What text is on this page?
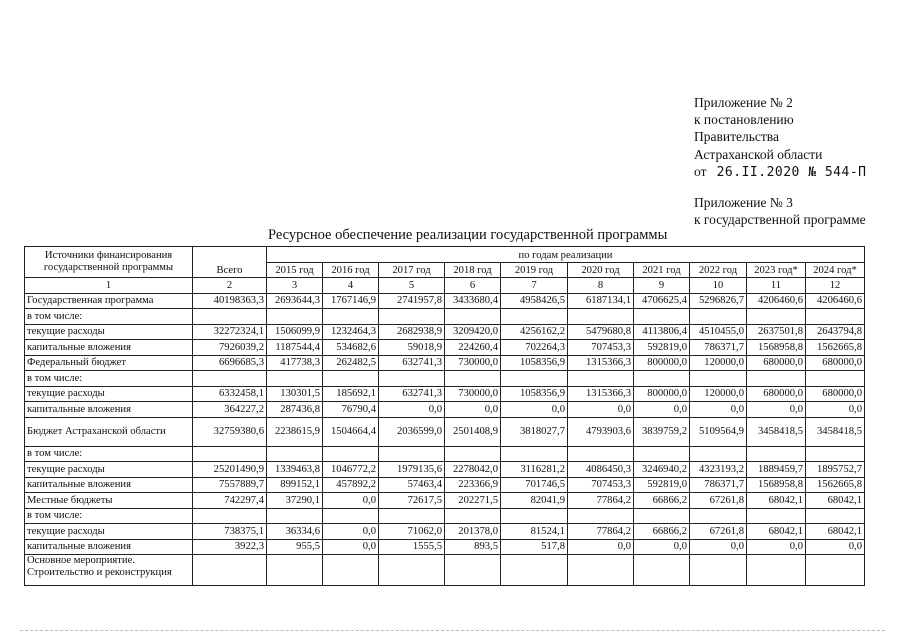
Приложение № 2
к постановлению
Правительства
Астраханской области
от 26.II.2020 № 544-П
Приложение № 3
к государственной программе
Ресурсное обеспечение реализации государственной программы
Источники финансирования государственной программы	Всего	по годам реализации									
		2015 год	2016 год	2017 год	2018 год	2019 год	2020 год	2021 год	2022 год	2023 год*	2024 год*
1	2	3	4	5	6	7	8	9	10	11	12
Государственная программа	40198363,3	2693644,3	1767146,9	2741957,8	3433680,4	4958426,5	6187134,1	4706625,4	5296826,7	4206460,6	4206460,6
в том числе:											
текущие расходы	32272324,1	1506099,9	1232464,3	2682938,9	3209420,0	4256162,2	5479680,8	4113806,4	4510455,0	2637501,8	2643794,8
капитальные вложения	7926039,2	1187544,4	534682,6	59018,9	224260,4	702264,3	707453,3	592819,0	786371,7	1568958,8	1562665,8
Федеральный бюджет	6696685,3	417738,3	262482,5	632741,3	730000,0	1058356,9	1315366,3	800000,0	120000,0	680000,0	680000,0
в том числе:											
текущие расходы	6332458,1	130301,5	185692,1	632741,3	730000,0	1058356,9	1315366,3	800000,0	120000,0	680000,0	680000,0
капитальные вложения	364227,2	287436,8	76790,4	0,0	0,0	0,0	0,0	0,0	0,0	0,0	0,0
Бюджет Астраханской области	32759380,6	2238615,9	1504664,4	2036599,0	2501408,9	3818027,7	4793903,6	3839759,2	5109564,9	3458418,5	3458418,5
в том числе:											
текущие расходы	25201490,9	1339463,8	1046772,2	1979135,6	2278042,0	3116281,2	4086450,3	3246940,2	4323193,2	1889459,7	1895752,7
капитальные вложения	7557889,7	899152,1	457892,2	57463,4	223366,9	701746,5	707453,3	592819,0	786371,7	1568958,8	1562665,8
Местные бюджеты	742297,4	37290,1	0,0	72617,5	202271,5	82041,9	77864,2	66866,2	67261,8	68042,1	68042,1
в том числе:											
текущие расходы	738375,1	36334,6	0,0	71062,0	201378,0	81524,1	77864,2	66866,2	67261,8	68042,1	68042,1
капитальные вложения	3922,3	955,5	0,0	1555,5	893,5	517,8	0,0	0,0	0,0	0,0	0,0
Основное мероприятие. Строительство и реконструкция											
